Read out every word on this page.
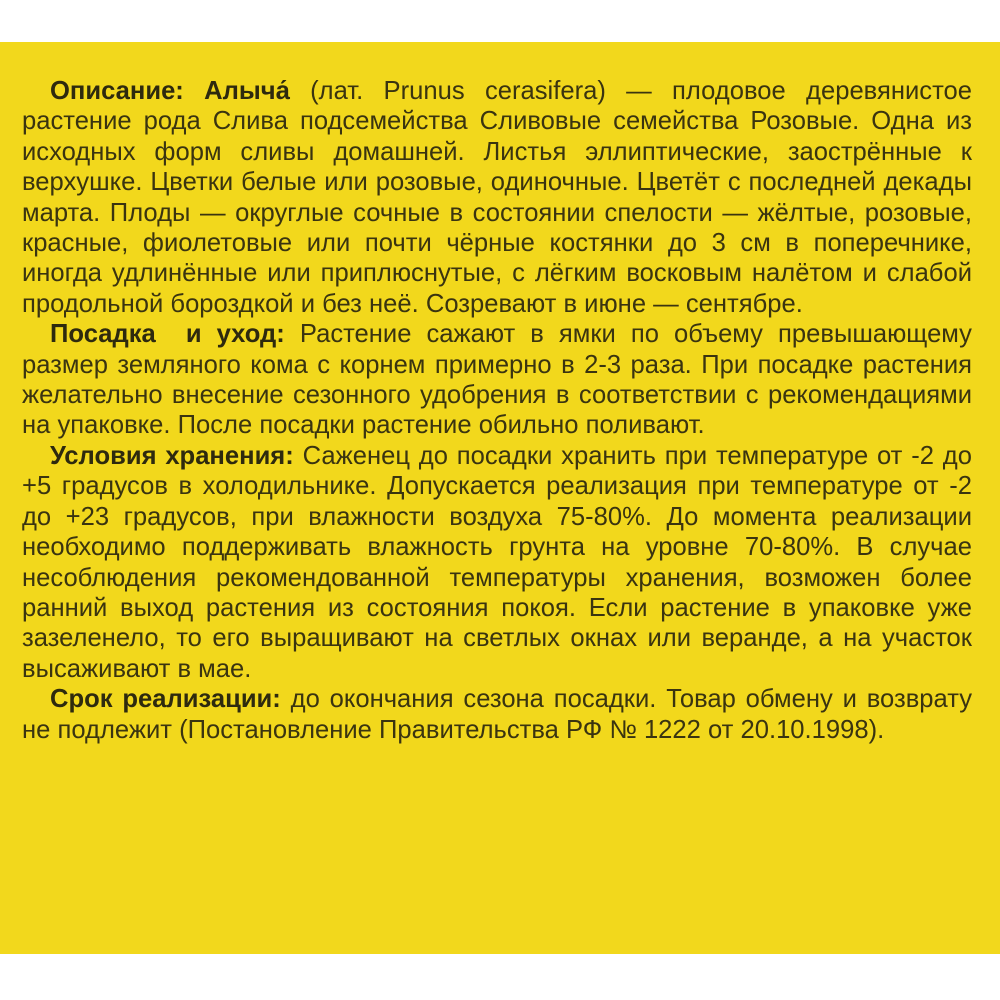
Описание: Алыча́ (лат. Prunus cerasifera) — плодовое деревянистое растение рода Слива подсемейства Сливовые семейства Розовые. Одна из исходных форм сливы домашней. Листья эллиптические, заострённые к верхушке. Цветки белые или розовые, одиночные. Цветёт с последней декады марта. Плоды — округлые сочные в состоянии спелости — жёлтые, розовые, красные, фиолетовые или почти чёрные костянки до 3 см в поперечнике, иногда удлинённые или приплюснутые, с лёгким восковым налётом и слабой продольной бороздкой и без неё. Созревают в июне — сентябре.

Посадка  и уход: Растение сажают в ямки по объему превышающему размер земляного кома с корнем примерно в 2-3 раза. При посадке растения желательно внесение сезонного удобрения в соответствии с рекомендациями на упаковке. После посадки растение обильно поливают.

Условия хранения: Саженец до посадки хранить при температуре от -2 до +5 градусов в холодильнике. Допускается реализация при температуре от -2 до +23 градусов, при влажности воздуха 75-80%. До момента реализации необходимо поддерживать влажность грунта на уровне 70-80%. В случае несоблюдения рекомендованной температуры хранения, возможен более ранний выход растения из состояния покоя. Если растение в упаковке уже зазеленело, то его выращивают на светлых окнах или веранде, а на участок высаживают в мае.

Срок реализации: до окончания сезона посадки. Товар обмену и возврату не подлежит (Постановление Правительства РФ № 1222 от 20.10.1998).
